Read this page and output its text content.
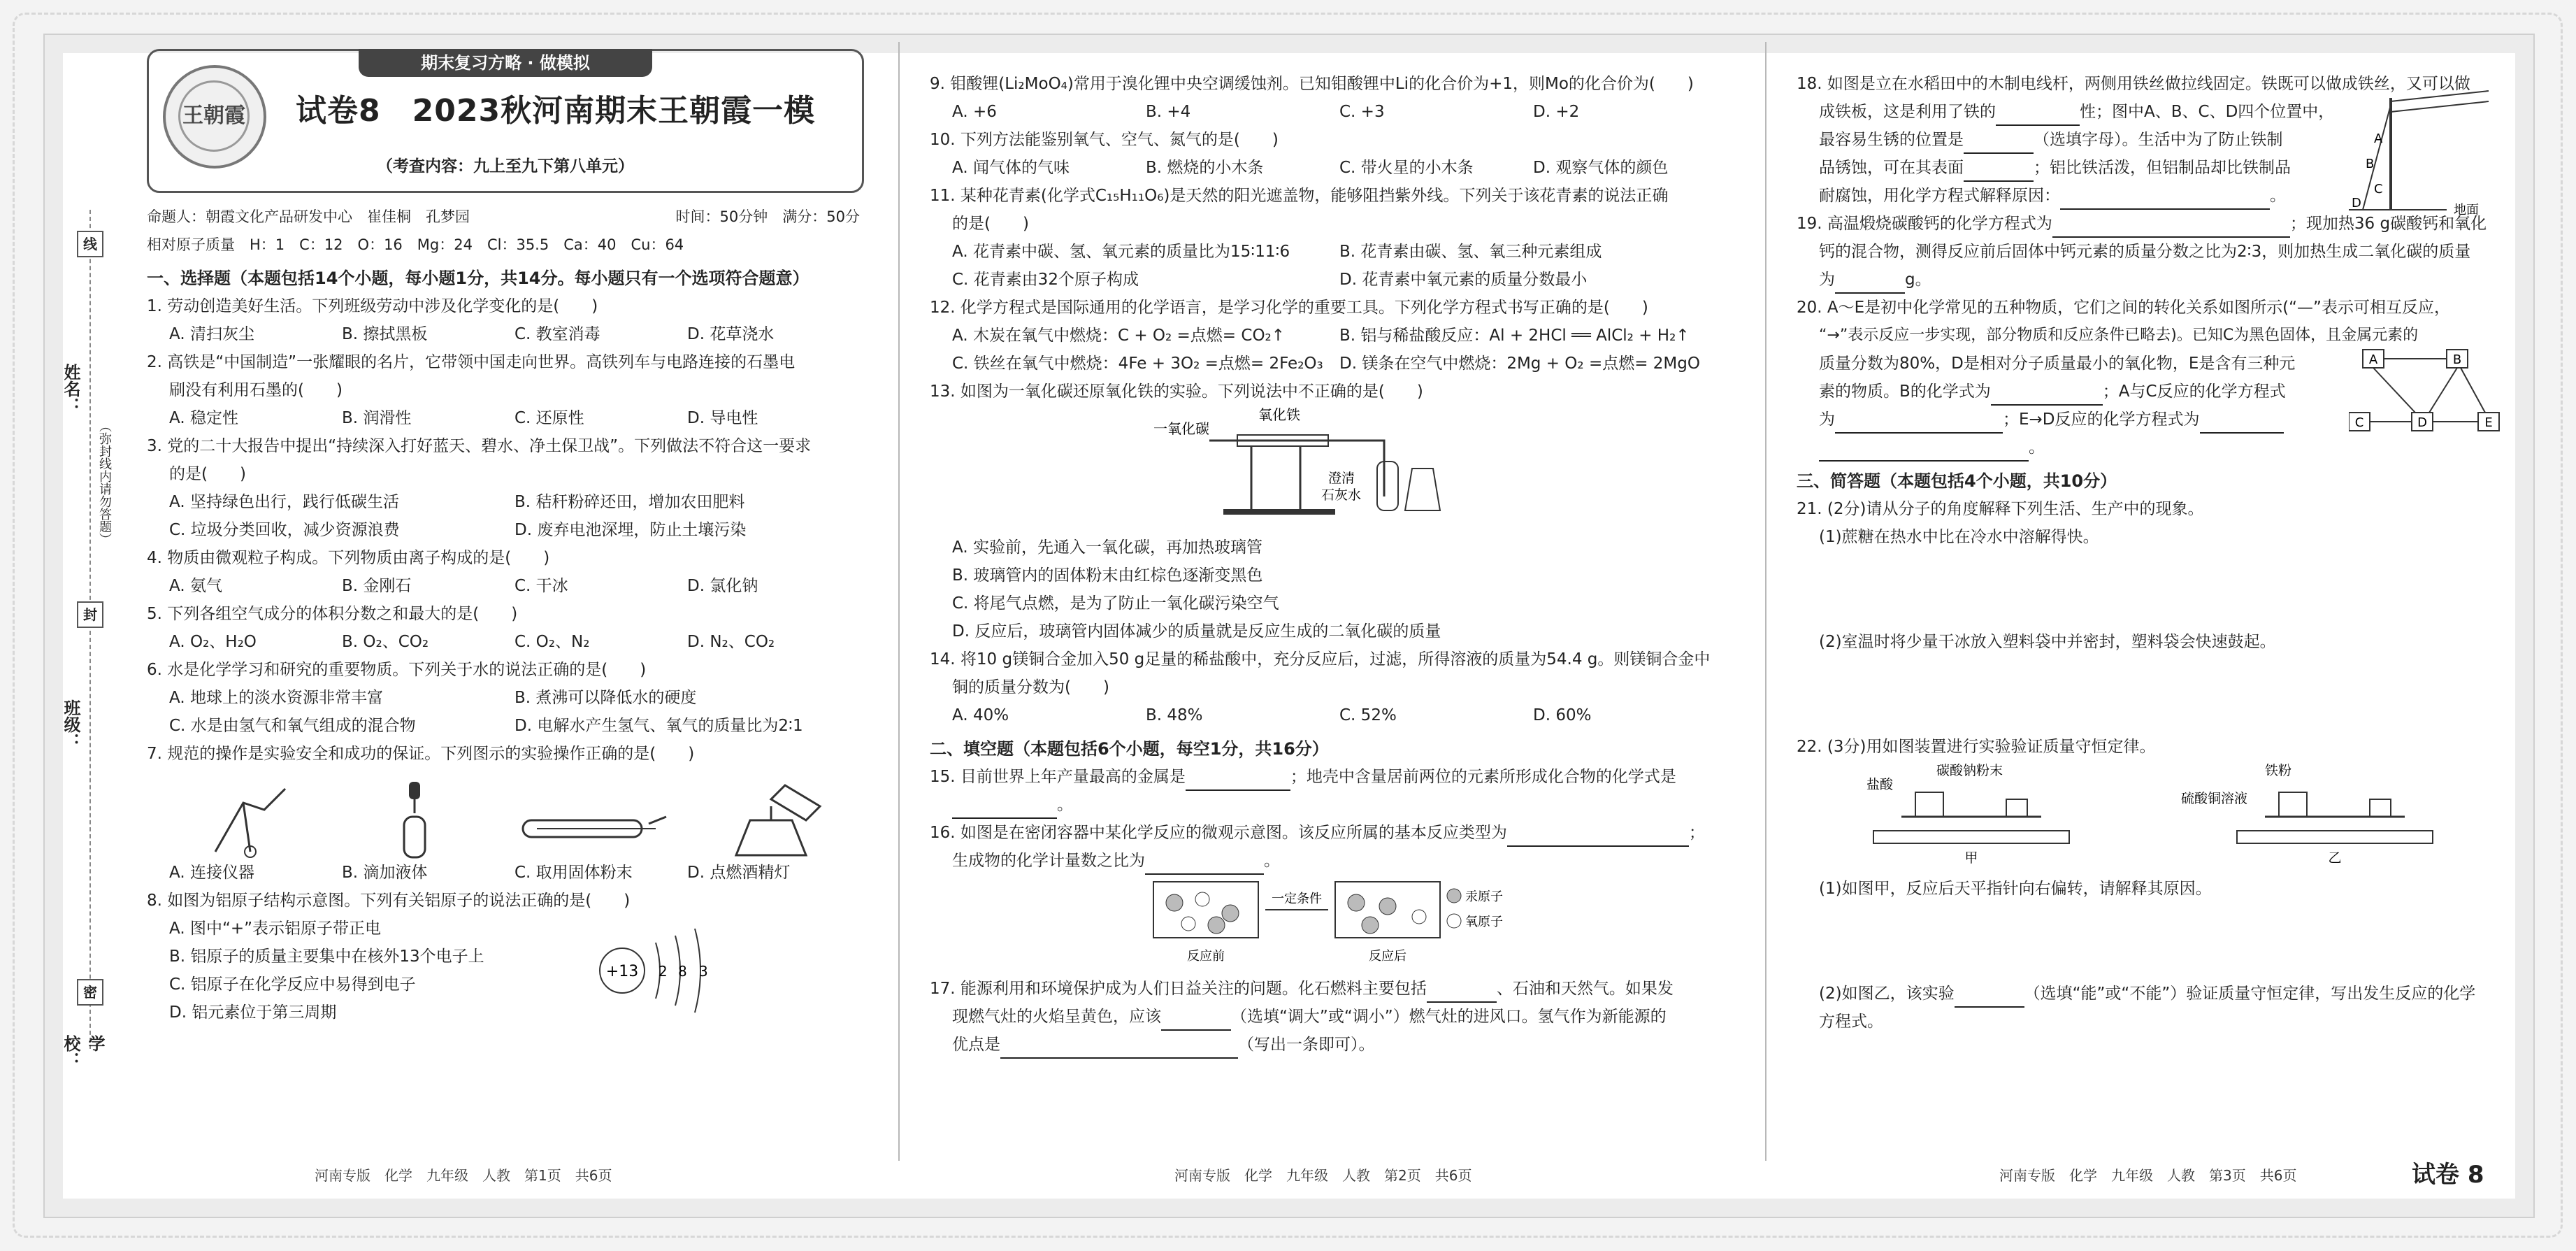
线
姓名：
（弥封线内请勿答题）
封
班级：
密
学校：
期末复习方略 · 做模拟
王朝霞 试卷8　2023秋河南期末王朝霞一模
（考查内容：九上至九下第八单元）
命题人：朝霞文化产品研发中心　崔佳桐　孔梦园	时间：50分钟　满分：50分
相对原子质量　H：1　C：12　O：16　Mg：24　Cl：35.5　Ca：40　Cu：64
一、选择题（本题包括14个小题，每小题1分，共14分。每小题只有一个选项符合题意）

1. 劳动创造美好生活。下列班级劳动中涉及化学变化的是(　　)

A. 清扫灰尘	B. 擦拭黑板	C. 教室消毒	D. 花草浇水

2. 高铁是“中国制造”一张耀眼的名片，它带领中国走向世界。高铁列车与电路连接的石墨电

刷没有利用石墨的(　　)

A. 稳定性	B. 润滑性	C. 还原性	D. 导电性

3. 党的二十大报告中提出“持续深入打好蓝天、碧水、净土保卫战”。下列做法不符合这一要求

的是(　　)

A. 坚持绿色出行，践行低碳生活	B. 秸秆粉碎还田，增加农田肥料
C. 垃圾分类回收，减少资源浪费	D. 废弃电池深埋，防止土壤污染

4. 物质由微观粒子构成。下列物质由离子构成的是(　　)

A. 氨气	B. 金刚石	C. 干冰	D. 氯化钠

5. 下列各组空气成分的体积分数之和最大的是(　　)

A. O₂、H₂O	B. O₂、CO₂	C. O₂、N₂	D. N₂、CO₂

6. 水是化学学习和研究的重要物质。下列关于水的说法正确的是(　　)

A. 地球上的淡水资源非常丰富	B. 煮沸可以降低水的硬度
C. 水是由氢气和氧气组成的混合物	D. 电解水产生氢气、氧气的质量比为2∶1

7. 规范的操作是实验安全和成功的保证。下列图示的实验操作正确的是(　　)

A. 连接仪器	B. 滴加液体	C. 取用固体粉末	D. 点燃酒精灯

8. 如图为铝原子结构示意图。下列有关铝原子的说法正确的是(　　)

A. 图中“+”表示铝原子带正电
B. 铝原子的质量主要集中在核外13个电子上
C. 铝原子在化学反应中易得到电子
D. 铝元素位于第三周期
+13 2 8 3

9. 钼酸锂(Li₂MoO₄)常用于溴化锂中央空调缓蚀剂。已知钼酸锂中Li的化合价为+1，则Mo的化合价为(　　)

A. +6	B. +4	C. +3	D. +2

10. 下列方法能鉴别氧气、空气、氮气的是(　　)

A. 闻气体的气味	B. 燃烧的小木条	C. 带火星的小木条	D. 观察气体的颜色

11. 某种花青素(化学式C₁₅H₁₁O₆)是天然的阳光遮盖物，能够阻挡紫外线。下列关于该花青素的说法正确

的是(　　)

A. 花青素中碳、氢、氧元素的质量比为15∶11∶6	B. 花青素由碳、氢、氧三种元素组成
C. 花青素由32个原子构成	D. 花青素中氧元素的质量分数最小

12. 化学方程式是国际通用的化学语言，是学习化学的重要工具。下列化学方程式书写正确的是(　　)

A. 木炭在氧气中燃烧：C + O₂ =点燃= CO₂↑	B. 铝与稀盐酸反应：Al + 2HCl ══ AlCl₂ + H₂↑
C. 铁丝在氧气中燃烧：4Fe + 3O₂ =点燃= 2Fe₂O₃	D. 镁条在空气中燃烧：2Mg + O₂ =点燃= 2MgO

13. 如图为一氧化碳还原氧化铁的实验。下列说法中不正确的是(　　)

一氧化碳
氧化铁
澄清
石灰水
A. 实验前，先通入一氧化碳，再加热玻璃管
B. 玻璃管内的固体粉末由红棕色逐渐变黑色
C. 将尾气点燃，是为了防止一氧化碳污染空气
D. 反应后，玻璃管内固体减少的质量就是反应生成的二氧化碳的质量

14. 将10 g镁铜合金加入50 g足量的稀盐酸中，充分反应后，过滤，所得溶液的质量为54.4 g。则镁铜合金中

铜的质量分数为(　　)

A. 40%	B. 48%	C. 52%	D. 60%
二、填空题（本题包括6个小题，每空1分，共16分）

15. 目前世界上年产量最高的金属是	；地壳中含量居前两位的元素所形成化合物的化学式是

。

16. 如图是在密闭容器中某化学反应的微观示意图。该反应所属的基本反应类型为	；

生成物的化学计量数之比为	。

一定条件
反应前	反应后
汞原子
氧原子

17. 能源利用和环境保护成为人们日益关注的问题。化石燃料主要包括	、石油和天然气。如果发

现燃气灶的火焰呈黄色，应该	（选填“调大”或“调小”）燃气灶的进风口。氢气作为新能源的

优点是	（写出一条即可）。

18. 如图是立在水稻田中的木制电线杆，两侧用铁丝做拉线固定。铁既可以做成铁丝，又可以做

成铁板，这是利用了铁的	性；图中A、B、C、D四个位置中，

最容易生锈的位置是	（选填字母）。生活中为了防止铁制

品锈蚀，可在其表面	；铝比铁活泼，但铝制品却比铁制品

耐腐蚀，用化学方程式解释原因：	。

A
B
C
D	地面

19. 高温煅烧碳酸钙的化学方程式为	；现加热36 g碳酸钙和氧化

钙的混合物，测得反应前后固体中钙元素的质量分数之比为2∶3，则加热生成二氧化碳的质量

为	g。

20. A～E是初中化学常见的五种物质，它们之间的转化关系如图所示(“—”表示可相互反应，

“→”表示反应一步实现，部分物质和反应条件已略去)。已知C为黑色固体，且金属元素的

质量分数为80%，D是相对分子质量最小的氧化物，E是含有三种元

素的物质。B的化学式为	；A与C反应的化学方程式

为	；E→D反应的化学方程式为

。

A	B
C	D	E
三、简答题（本题包括4个小题，共10分）

21. (2分)请从分子的角度解释下列生活、生产中的现象。

(1)蔗糖在热水中比在冷水中溶解得快。

(2)室温时将少量干冰放入塑料袋中并密封，塑料袋会快速鼓起。

22. (3分)用如图装置进行实验验证质量守恒定律。

盐酸
碳酸钠粉末
甲
铁粉
硫酸铜溶液
乙

(1)如图甲，反应后天平指针向右偏转，请解释其原因。

(2)如图乙，该实验	（选填“能”或“不能”）验证质量守恒定律，写出发生反应的化学

方程式。

河南专版　化学　九年级　人教　第1页　共6页	河南专版　化学　九年级　人教　第2页　共6页	河南专版　化学　九年级　人教　第3页　共6页	试卷 8
